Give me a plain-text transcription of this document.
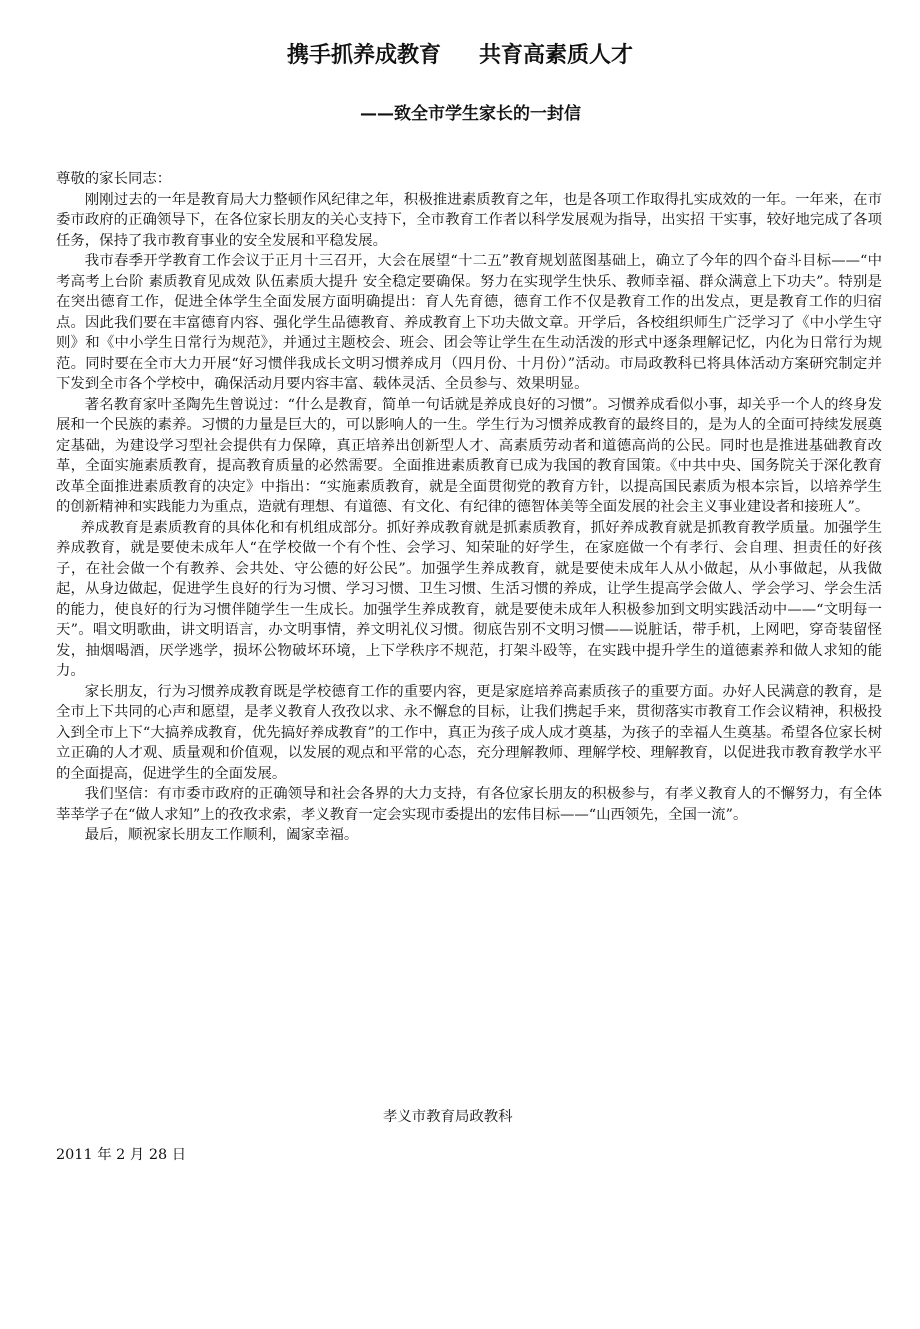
携手抓养成教育 共育高素质人才
——致全市学生家长的一封信

尊敬的家长同志：

刚刚过去的一年是教育局大力整顿作风纪律之年，积极推进素质教育之年，也是各项工作取得扎实成效的一年。一年来，在市委市政府的正确领导下，在各位家长朋友的关心支持下，全市教育工作者以科学发展观为指导，出实招 干实事，较好地完成了各项任务，保持了我市教育事业的安全发展和平稳发展。

我市春季开学教育工作会议于正月十三召开，大会在展望“十二五”教育规划蓝图基础上，确立了今年的四个奋斗目标——“中考高考上台阶 素质教育见成效 队伍素质大提升 安全稳定要确保。努力在实现学生快乐、教师幸福、群众满意上下功夫”。特别是在突出德育工作，促进全体学生全面发展方面明确提出：育人先育德，德育工作不仅是教育工作的出发点，更是教育工作的归宿点。因此我们要在丰富德育内容、强化学生品德教育、养成教育上下功夫做文章。开学后，各校组织师生广泛学习了《中小学生守则》和《中小学生日常行为规范》，并通过主题校会、班会、团会等让学生在生动活泼的形式中逐条理解记忆，内化为日常行为规范。同时要在全市大力开展“好习惯伴我成长文明习惯养成月（四月份、十月份）”活动。市局政教科已将具体活动方案研究制定并下发到全市各个学校中，确保活动月要内容丰富、载体灵活、全员参与、效果明显。

著名教育家叶圣陶先生曾说过：“什么是教育，简单一句话就是养成良好的习惯”。习惯养成看似小事，却关乎一个人的终身发展和一个民族的素养。习惯的力量是巨大的，可以影响人的一生。学生行为习惯养成教育的最终目的，是为人的全面可持续发展奠定基础，为建设学习型社会提供有力保障，真正培养出创新型人才、高素质劳动者和道德高尚的公民。同时也是推进基础教育改革，全面实施素质教育，提高教育质量的必然需要。全面推进素质教育已成为我国的教育国策。《中共中央、国务院关于深化教育改革全面推进素质教育的决定》中指出：“实施素质教育，就是全面贯彻党的教育方针，以提高国民素质为根本宗旨，以培养学生的创新精神和实践能力为重点，造就有理想、有道德、有文化、有纪律的德智体美等全面发展的社会主义事业建设者和接班人”。

养成教育是素质教育的具体化和有机组成部分。抓好养成教育就是抓素质教育，抓好养成教育就是抓教育教学质量。加强学生养成教育，就是要使未成年人“在学校做一个有个性、会学习、知荣耻的好学生，在家庭做一个有孝行、会自理、担责任的好孩子，在社会做一个有教养、会共处、守公德的好公民”。加强学生养成教育，就是要使未成年人从小做起，从小事做起，从我做起，从身边做起，促进学生良好的行为习惯、学习习惯、卫生习惯、生活习惯的养成，让学生提高学会做人、学会学习、学会生活的能力，使良好的行为习惯伴随学生一生成长。加强学生养成教育，就是要使未成年人积极参加到文明实践活动中——“文明每一天”。唱文明歌曲，讲文明语言，办文明事情，养文明礼仪习惯。彻底告别不文明习惯——说脏话，带手机，上网吧，穿奇装留怪发，抽烟喝酒，厌学逃学，损坏公物破坏环境，上下学秩序不规范，打架斗殴等，在实践中提升学生的道德素养和做人求知的能力。

家长朋友，行为习惯养成教育既是学校德育工作的重要内容，更是家庭培养高素质孩子的重要方面。办好人民满意的教育，是全市上下共同的心声和愿望，是孝义教育人孜孜以求、永不懈怠的目标，让我们携起手来，贯彻落实市教育工作会议精神，积极投入到全市上下“大搞养成教育，优先搞好养成教育”的工作中，真正为孩子成人成才奠基，为孩子的幸福人生奠基。希望各位家长树立正确的人才观、质量观和价值观，以发展的观点和平常的心态，充分理解教师、理解学校、理解教育，以促进我市教育教学水平的全面提高，促进学生的全面发展。

我们坚信：有市委市政府的正确领导和社会各界的大力支持，有各位家长朋友的积极参与，有孝义教育人的不懈努力，有全体莘莘学子在“做人求知”上的孜孜求索，孝义教育一定会实现市委提出的宏伟目标——“山西领先，全国一流”。

最后，顺祝家长朋友工作顺利，阖家幸福。

孝义市教育局政教科
2011 年 2 月 28 日
